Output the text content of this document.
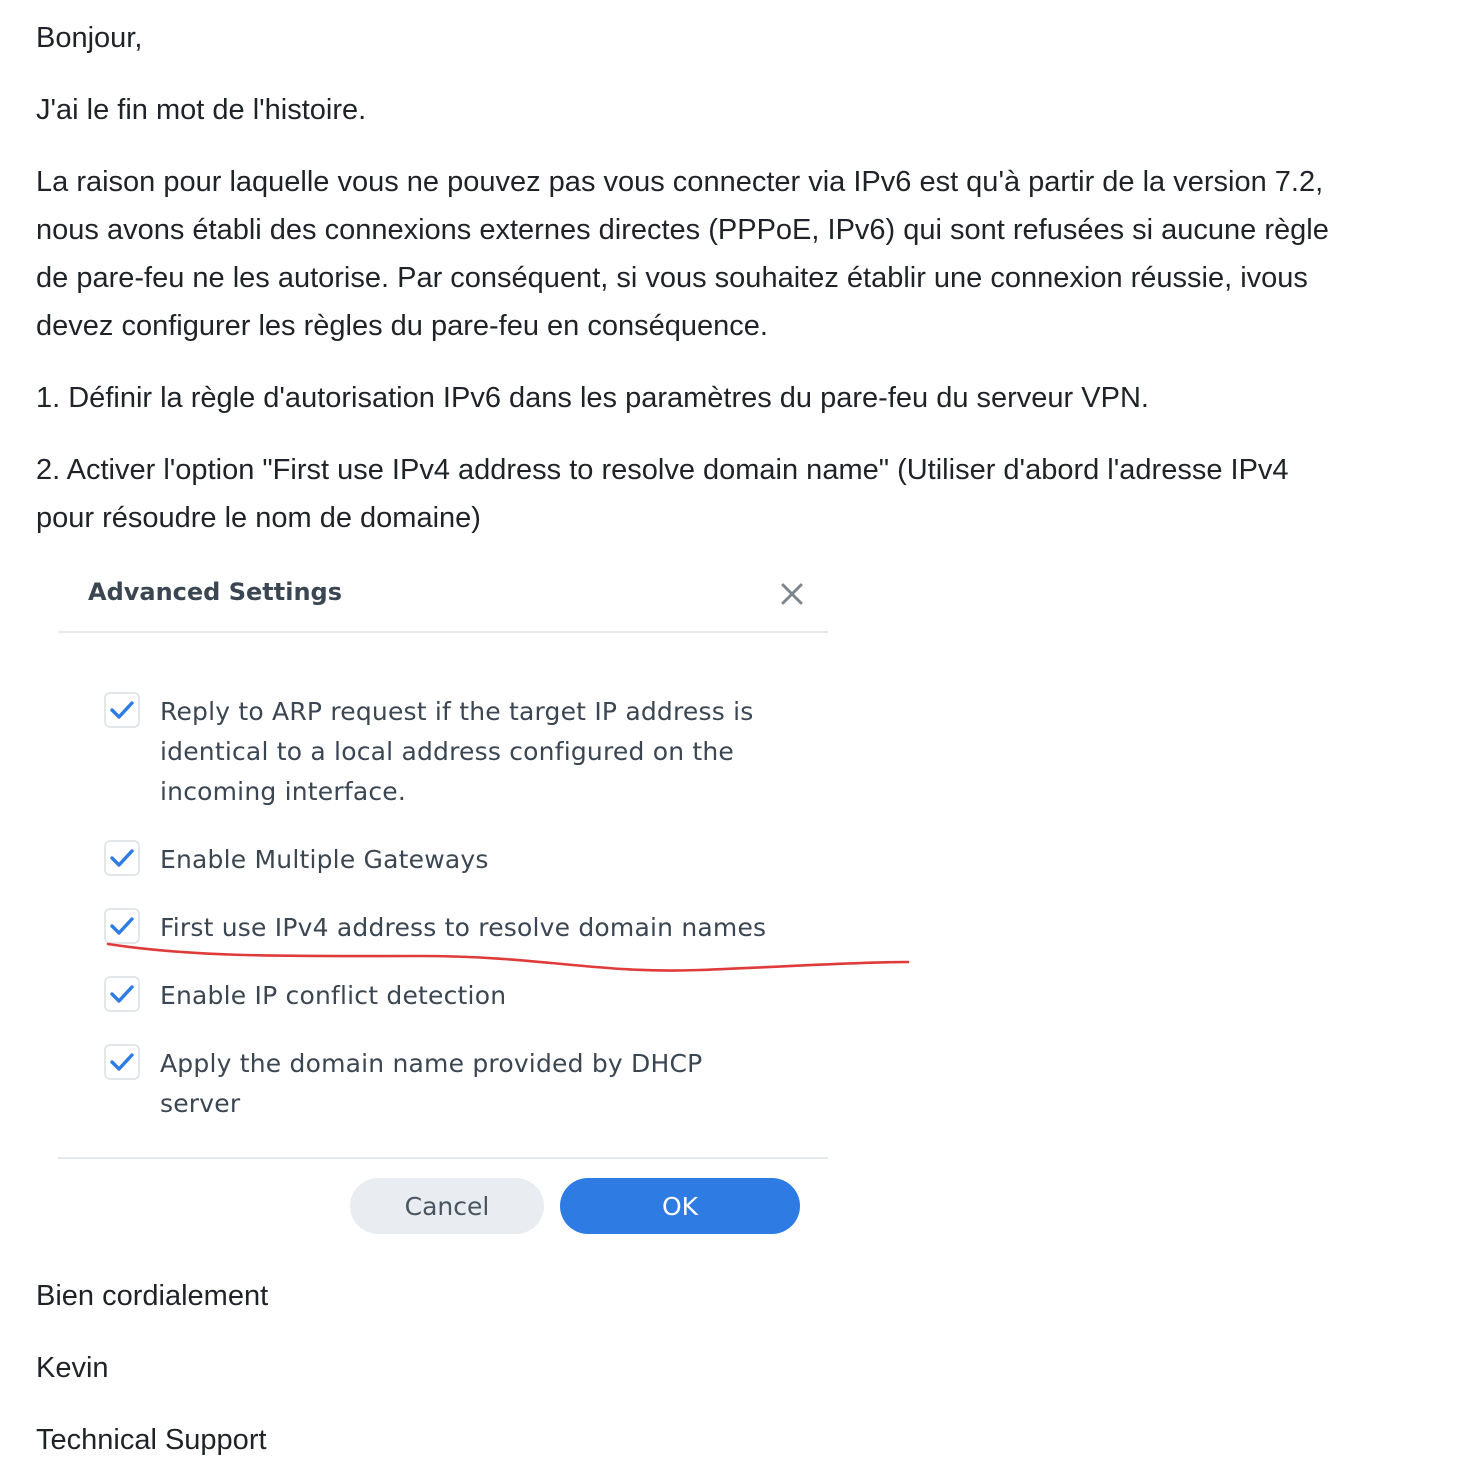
Bonjour,

J'ai le fin mot de l'histoire.

La raison pour laquelle vous ne pouvez pas vous connecter via IPv6 est qu'à partir de la version 7.2,

nous avons établi des connexions externes directes (PPPoE, IPv6) qui sont refusées si aucune règle

de pare-feu ne les autorise. Par conséquent, si vous souhaitez établir une connexion réussie, ivous

devez configurer les règles du pare-feu en conséquence.

1. Définir la règle d'autorisation IPv6 dans les paramètres du pare-feu du serveur VPN.

2. Activer l'option "First use IPv4 address to resolve domain name" (Utiliser d'abord l'adresse IPv4

pour résoudre le nom de domaine)

Bien cordialement

Kevin

Technical Support

Advanced Settings
Reply to ARP request if the target IP address is
identical to a local address configured on the
incoming interface.
Enable Multiple Gateways
First use IPv4 address to resolve domain names
Enable IP conflict detection
Apply the domain name provided by DHCP
server
Cancel	OK
